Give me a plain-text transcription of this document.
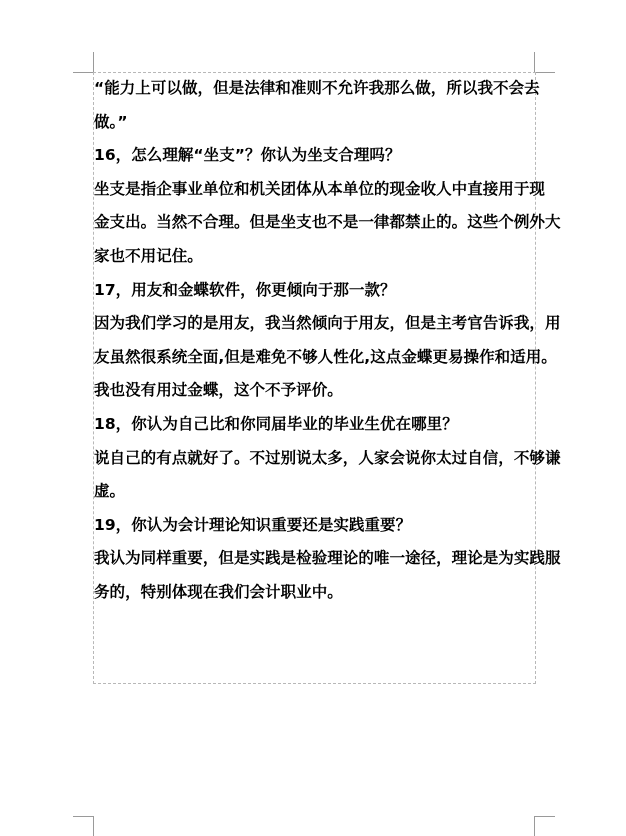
“能力上可以做，但是法律和准则不允许我那么做，所以我不会去
做。”
16，怎么理解“坐支”？你认为坐支合理吗？
坐支是指企事业单位和机关团体从本单位的现金收人中直接用于现
金支出。当然不合理。但是坐支也不是一律都禁止的。这些个例外大
家也不用记住。
17，用友和金蝶软件，你更倾向于那一款？
因为我们学习的是用友，我当然倾向于用友，但是主考官告诉我，用
友虽然很系统全面,但是难免不够人性化,这点金蝶更易操作和适用。
我也没有用过金蝶，这个不予评价。
18，你认为自己比和你同届毕业的毕业生优在哪里？
说自己的有点就好了。不过别说太多，人家会说你太过自信，不够谦
虚。
19，你认为会计理论知识重要还是实践重要？
我认为同样重要，但是实践是检验理论的唯一途径，理论是为实践服
务的，特别体现在我们会计职业中。
